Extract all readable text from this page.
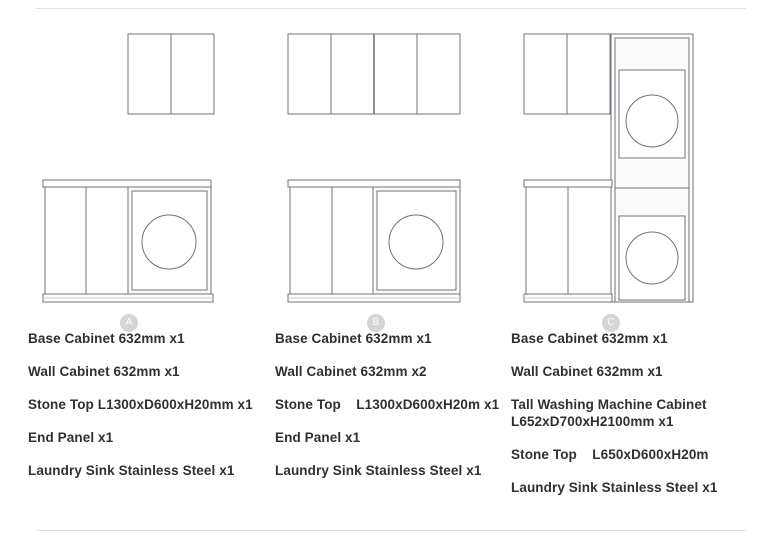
A
Base Cabinet 632mm x1
Wall Cabinet 632mm x1
Stone Top L1300xD600xH20mm x1
End Panel x1
Laundry Sink Stainless Steel x1
B
Base Cabinet 632mm x1
Wall Cabinet 632mm x2
Stone Top    L1300xD600xH20m x1
End Panel x1
Laundry Sink Stainless Steel x1
C
Base Cabinet 632mm x1
Wall Cabinet 632mm x1
Tall Washing Machine Cabinet L652xD700xH2100mm x1
Stone Top    L650xD600xH20m
Laundry Sink Stainless Steel x1
